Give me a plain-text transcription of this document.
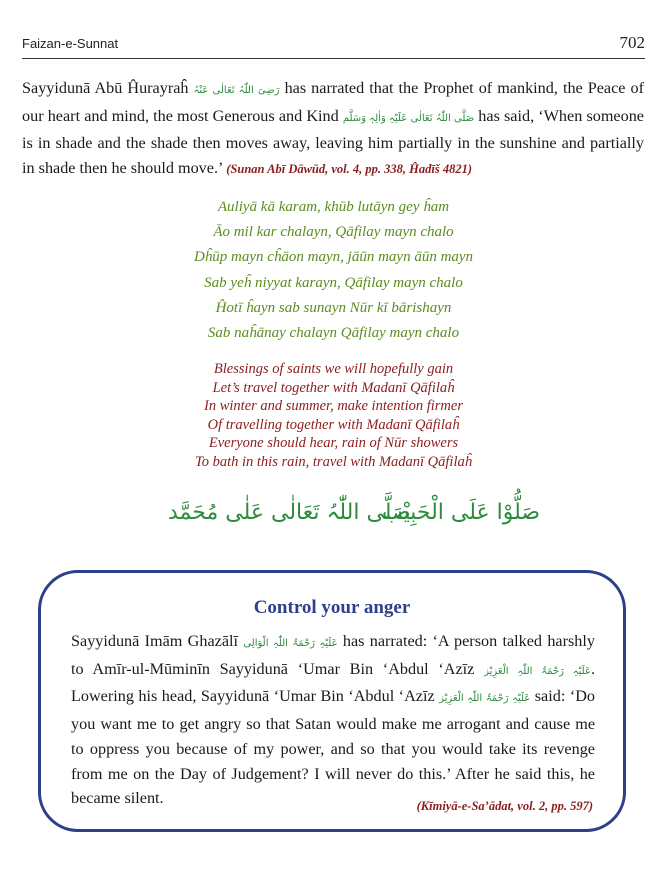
Faizan-e-Sunnat	702
Sayyidunā Abū Ĥurayraĥ رَضِیَ اللّٰہُ تَعَالٰی عَنْہُ has narrated that the Prophet of mankind, the Peace of our heart and mind, the most Generous and Kind صَلَّی اللّٰہُ تَعَالٰی عَلَیْہِ وَاٰلِہٖ وَسَلَّم has said, ‘When someone is in shade and the shade then moves away, leaving him partially in the sunshine and partially in shade then he should move.’ (Sunan Abī Dāwūd, vol. 4, pp. 338, Ĥadīš 4821)
Auliyā kā karam, khūb lutāyn gey ĥam
Āo mil kar chalayn, Qāfilay mayn chalo
Dĥūp mayn cĥāon mayn, jāūn mayn āūn mayn
Sab yeĥ niyyat karayn, Qāfilay mayn chalo
Ĥotī ĥayn sab sunayn Nūr kī bārishayn
Sab naĥānay chalayn Qāfilay mayn chalo
Blessings of saints we will hopefully gain
Let’s travel together with Madanī Qāfilaĥ
In winter and summer, make intention firmer
Of travelling together with Madanī Qāfilaĥ
Everyone should hear, rain of Nūr showers
To bath in this rain, travel with Madanī Qāfilaĥ
صَلَّی اللّٰہُ تَعَالٰی عَلٰی مُحَمَّد
صَلُّوْا عَلَی الْحَبِیْب
Control your anger
Sayyidunā Imām Ghazālī عَلَیْہِ رَحْمَۃُ اللّٰہِ الْوَالِی has narrated: ‘A person talked harshly to Amīr-ul-Mūminīn Sayyidunā ‘Umar Bin ‘Abdul ‘Azīz عَلَیْہِ رَحْمَۃُ اللّٰہِ الْعَزِیْز. Lowering his head, Sayyidunā ‘Umar Bin ‘Abdul ‘Azīz عَلَیْہِ رَحْمَۃُ اللّٰہِ الْعَزِیْز said: ‘Do you want me to get angry so that Satan would make me arrogant and cause me to oppress you because of my power, and so that you would take its revenge from me on the Day of Judgement? I will never do this.’ After he said this, he became silent.	(Kīmiyā-e-Sa’ādat, vol. 2, pp. 597)
